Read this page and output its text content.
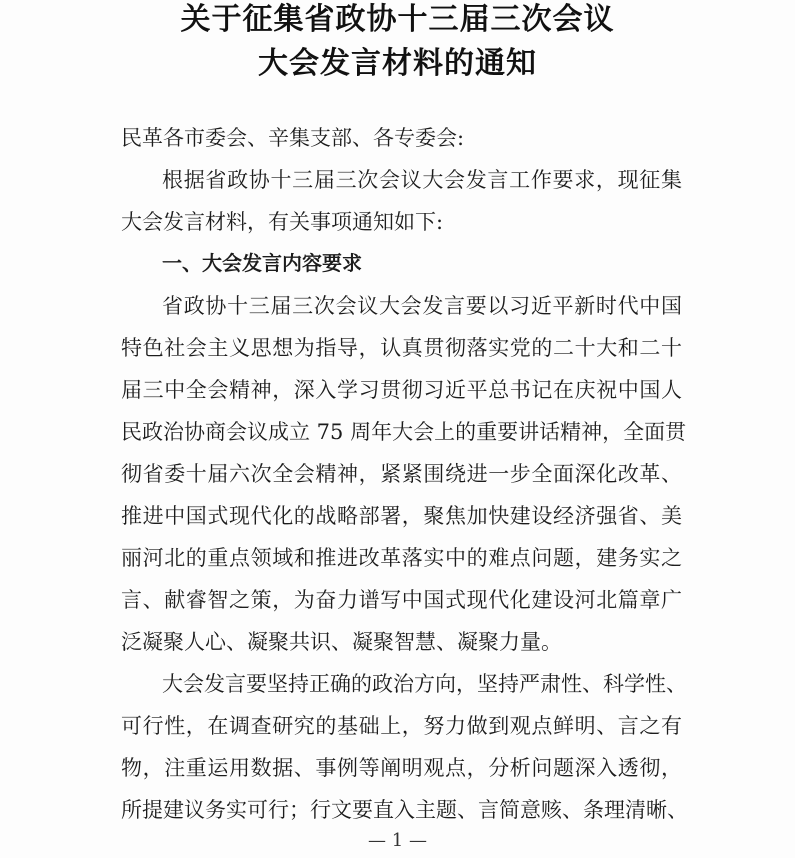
关于征集省政协十三届三次会议
大会发言材料的通知
民革各市委会、辛集支部、各专委会:
根据省政协十三届三次会议大会发言工作要求，现征集
大会发言材料，有关事项通知如下:
一、大会发言内容要求
省政协十三届三次会议大会发言要以习近平新时代中国
特色社会主义思想为指导，认真贯彻落实党的二十大和二十
届三中全会精神，深入学习贯彻习近平总书记在庆祝中国人
民政治协商会议成立 75 周年大会上的重要讲话精神，全面贯
彻省委十届六次全会精神，紧紧围绕进一步全面深化改革、
推进中国式现代化的战略部署，聚焦加快建设经济强省、美
丽河北的重点领域和推进改革落实中的难点问题，建务实之
言、献睿智之策，为奋力谱写中国式现代化建设河北篇章广
泛凝聚人心、凝聚共识、凝聚智慧、凝聚力量。
大会发言要坚持正确的政治方向，坚持严肃性、科学性、
可行性，在调查研究的基础上，努力做到观点鲜明、言之有
物，注重运用数据、事例等阐明观点，分析问题深入透彻，
所提建议务实可行；行文要直入主题、言简意赅、条理清晰、
— 1 —
